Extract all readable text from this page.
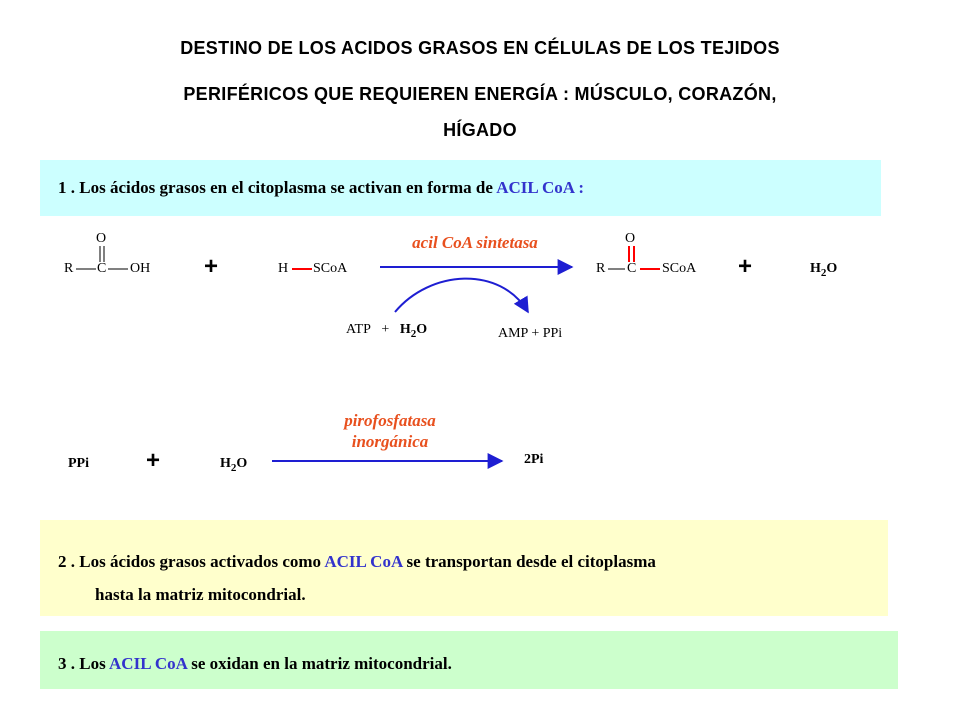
DESTINO DE LOS ACIDOS GRASOS EN CÉLULAS DE LOS TEJIDOS
PERIFÉRICOS QUE REQUIEREN ENERGÍA : MÚSCULO, CORAZÓN,
HÍGADO
1 . Los ácidos grasos en el citoplasma se activan en forma de ACIL CoA :
acil CoA sintetasa
O
R C OH +	H SCoA
O
R C SCoA +	$H_2O$
ATP + $H_2O$	AMP + PPi
pirofosfatasa
inorgánica
PPi +	$H_2O$	2Pi
2 . Los ácidos grasos activados como ACIL CoA se transportan desde el citoplasma
hasta la matriz mitocondrial.
3 . Los ACIL CoA se oxidan en la matriz mitocondrial.
